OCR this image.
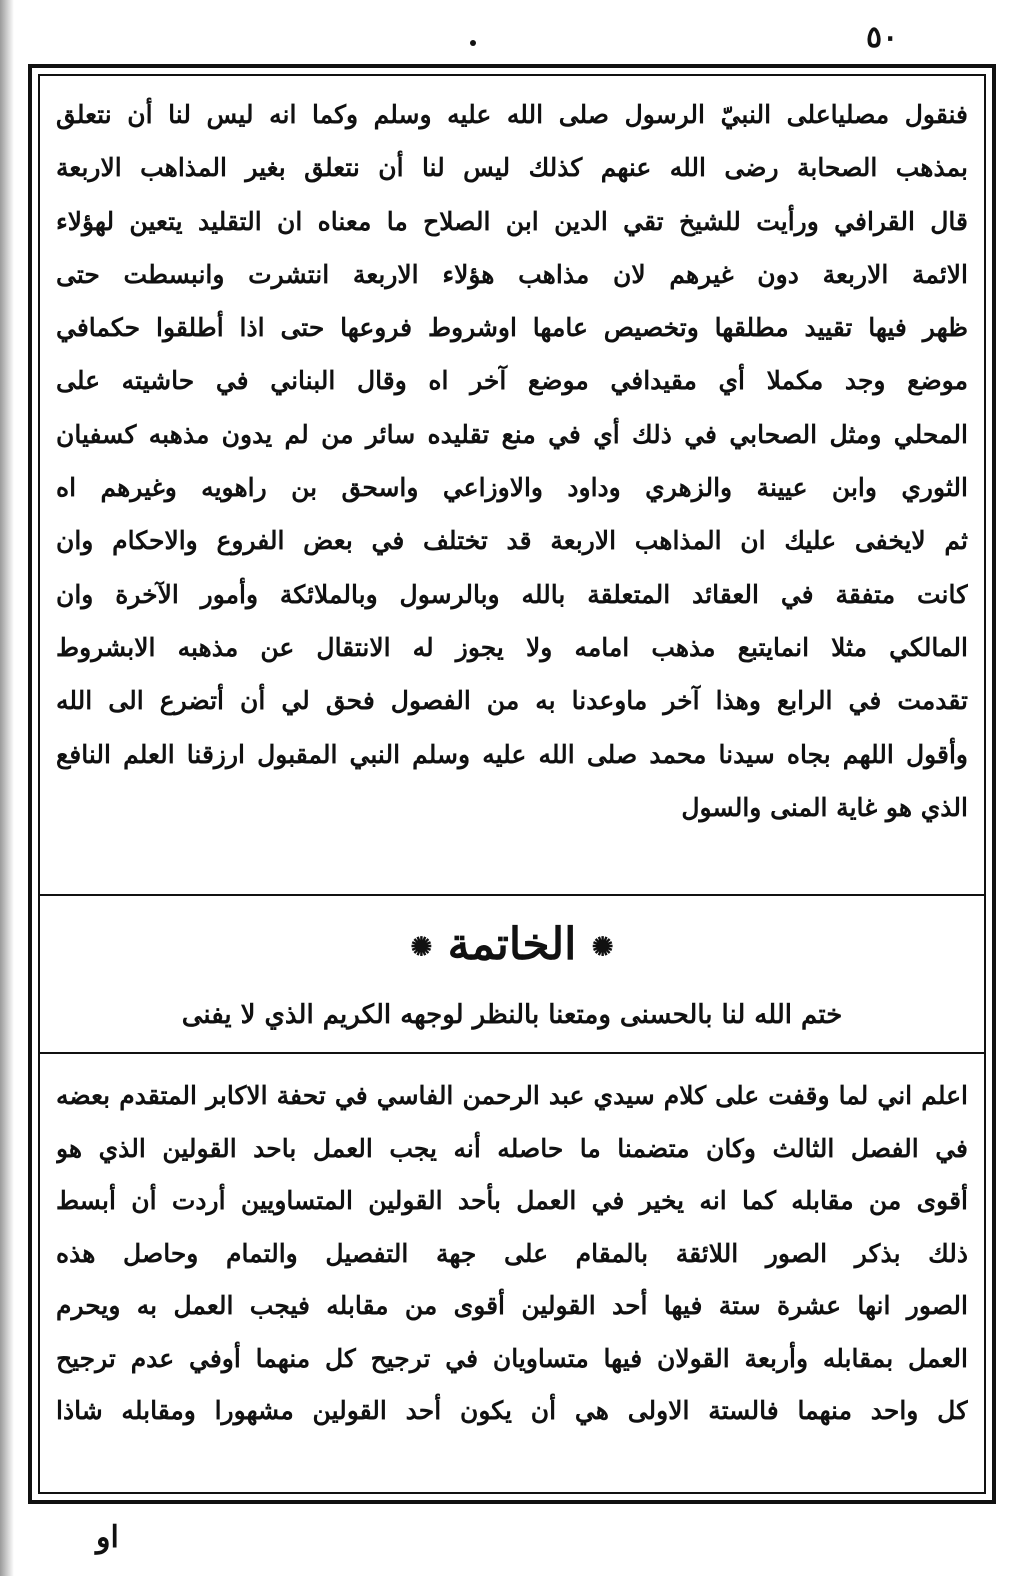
٥٠
فنقول مصلياعلى النبيّ الرسول صلى الله عليه وسلم وكما انه ليس لنا أن نتعلق
بمذهب الصحابة رضى الله عنهم كذلك ليس لنا أن نتعلق بغير المذاهب الاربعة
قال القرافي ورأيت للشيخ تقي الدين ابن الصلاح ما معناه ان التقليد يتعين لهؤلاء
الائمة الاربعة دون غيرهم لان مذاهب هؤلاء الاربعة انتشرت وانبسطت حتى
ظهر فيها تقييد مطلقها وتخصيص عامها اوشروط فروعها حتى اذا أطلقوا حكمافي
موضع وجد مكملا أي مقيدافي موضع آخر اه وقال البناني في حاشيته على
المحلي ومثل الصحابي في ذلك أي في منع تقليده سائر من لم يدون مذهبه كسفيان
الثوري وابن عيينة والزهري وداود والاوزاعي واسحق بن راهويه وغيرهم اه
ثم لايخفى عليك ان المذاهب الاربعة قد تختلف في بعض الفروع والاحكام وان
كانت متفقة في العقائد المتعلقة بالله وبالرسول وبالملائكة وأمور الآخرة وان
المالكي مثلا انمايتبع مذهب امامه ولا يجوز له الانتقال عن مذهبه الابشروط
تقدمت في الرابع وهذا آخر ماوعدنا به من الفصول فحق لي أن أتضرع الى الله
وأقول اللهم بجاه سيدنا محمد صلى الله عليه وسلم النبي المقبول ارزقنا العلم النافع
الذي هو غاية المنى والسول
✺ الخاتمة ✺
ختم الله لنا بالحسنى ومتعنا بالنظر لوجهه الكريم الذي لا يفنى
اعلم اني لما وقفت على كلام سيدي عبد الرحمن الفاسي في تحفة الاكابر المتقدم بعضه
في الفصل الثالث وكان متضمنا ما حاصله أنه يجب العمل باحد القولين الذي هو
أقوى من مقابله كما انه يخير في العمل بأحد القولين المتساويين أردت أن أبسط
ذلك بذكر الصور اللائقة بالمقام على جهة التفصيل والتمام وحاصل هذه
الصور انها عشرة ستة فيها أحد القولين أقوى من مقابله فيجب العمل به ويحرم
العمل بمقابله وأربعة القولان فيها متساويان في ترجيح كل منهما أوفي عدم ترجيح
كل واحد منهما فالستة الاولى هي أن يكون أحد القولين مشهورا ومقابله شاذا
او
